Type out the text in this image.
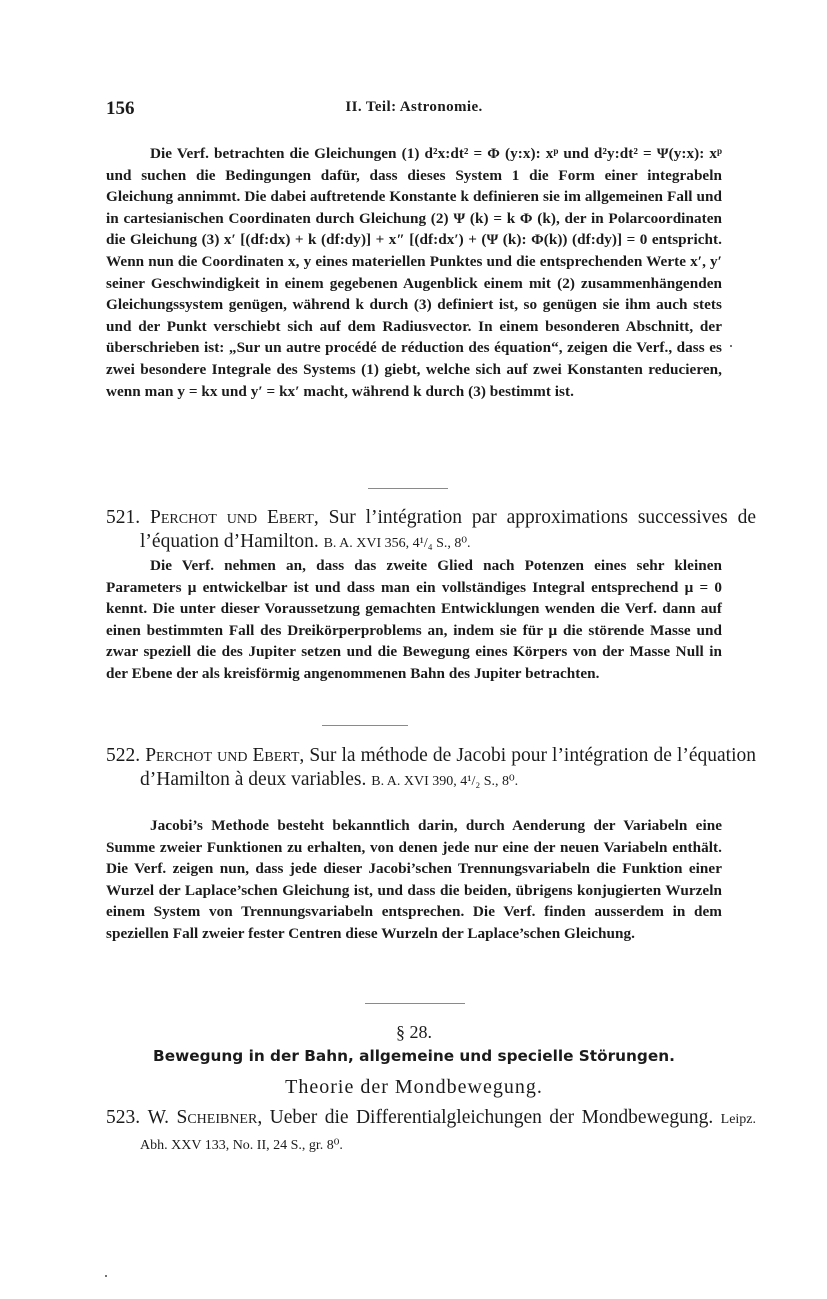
156	II. Teil: Astronomie.

Die Verf. betrachten die Gleichungen (1) d²x:dt² = Φ (y:x): xᵖ und d²y:dt² = Ψ(y:x): xᵖ und suchen die Bedingungen dafür, dass dieses System 1 die Form einer integrabeln Gleichung annimmt. Die dabei auftretende Konstante k definieren sie im allgemeinen Fall und in cartesianischen Coordinaten durch Gleichung (2) Ψ (k) = k Φ (k), der in Polarcoordinaten die Gleichung (3) x′ [(df:dx) + k (df:dy)] + x″ [(df:dx′) + (Ψ (k): Φ(k)) (df:dy)] = 0 entspricht. Wenn nun die Coordinaten x, y eines materiellen Punktes und die entsprechenden Werte x′, y′ seiner Geschwindigkeit in einem gegebenen Augenblick einem mit (2) zusammenhängenden Gleichungssystem genügen, während k durch (3) definiert ist, so genügen sie ihm auch stets und der Punkt verschiebt sich auf dem Radiusvector. In einem besonderen Abschnitt, der überschrieben ist: „Sur un autre procédé de réduction des équation“, zeigen die Verf., dass es zwei besondere Integrale des Systems (1) giebt, welche sich auf zwei Konstanten reducieren, wenn man y = kx und y′ = kx′ macht, während k durch (3) bestimmt ist.

521. Perchot und Ebert, Sur l’intégration par approximations successives de l’équation d’Hamilton. B. A. XVI 356, 4¹/₄ S., 8⁰.

Die Verf. nehmen an, dass das zweite Glied nach Potenzen eines sehr kleinen Parameters μ entwickelbar ist und dass man ein vollständiges Integral entsprechend μ = 0 kennt. Die unter dieser Voraussetzung gemachten Entwicklungen wenden die Verf. dann auf einen bestimmten Fall des Dreikörperproblems an, indem sie für μ die störende Masse und zwar speziell die des Jupiter setzen und die Bewegung eines Körpers von der Masse Null in der Ebene der als kreisförmig angenommenen Bahn des Jupiter betrachten.

522. Perchot und Ebert, Sur la méthode de Jacobi pour l’intégration de l’équation d’Hamilton à deux variables. B. A. XVI 390, 4¹/₂ S., 8⁰.

Jacobi’s Methode besteht bekanntlich darin, durch Aenderung der Variabeln eine Summe zweier Funktionen zu erhalten, von denen jede nur eine der neuen Variabeln enthält. Die Verf. zeigen nun, dass jede dieser Jacobi’schen Trennungsvariabeln die Funktion einer Wurzel der Laplace’schen Gleichung ist, und dass die beiden, übrigens konjugierten Wurzeln einem System von Trennungsvariabeln entsprechen. Die Verf. finden ausserdem in dem speziellen Fall zweier fester Centren diese Wurzeln der Laplace’schen Gleichung.

§ 28.
Bewegung in der Bahn, allgemeine und specielle Störungen.
Theorie der Mondbewegung.

523. W. Scheibner, Ueber die Differentialgleichungen der Mondbewegung. Leipz. Abh. XXV 133, No. II, 24 S., gr. 8⁰.
